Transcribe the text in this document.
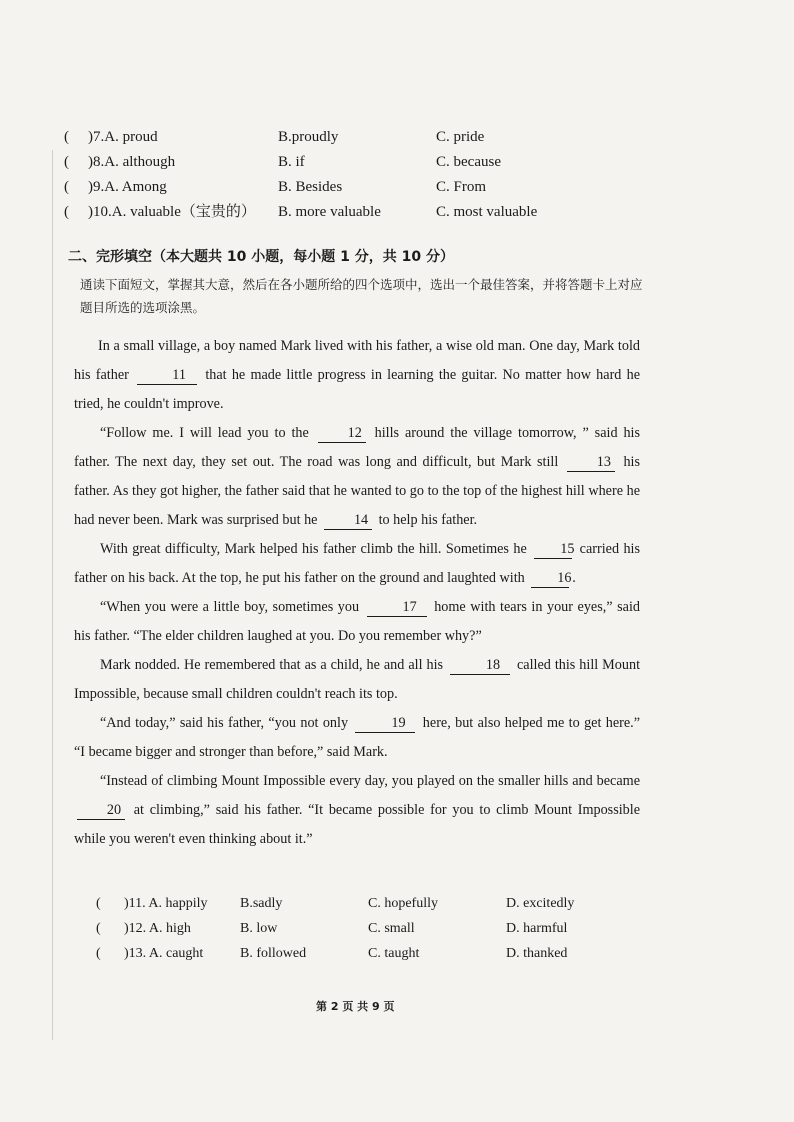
( )7.A. proud	B.proudly	C. pride
( )8.A. although	B. if	C. because
( )9.A. Among	B. Besides	C. From
( )10.A. valuable（宝贵的） B. more valuable	C. most valuable
二、完形填空（本大题共 10 小题，每小题 1 分，共 10 分）
通读下面短文，掌握其大意，然后在各小题所给的四个选项中，选出一个最佳答案，并将答题卡上对应题目所选的选项涂黑。

In a small village, a boy named Mark lived with his father, a wise old man. One day, Mark told his father	11 that he made little progress in learning the guitar. No matter how hard he tried, he couldn't improve.

“Follow me. I will lead you to the	12 hills around the village tomorrow, ” said his father. The next day, they set out. The road was long and difficult, but Mark still	13 his father. As they got higher, the father said that he wanted to go to the top of the highest hill where he had never been. Mark was surprised but he	14 to help his father.

With great difficulty, Mark helped his father climb the hill. Sometimes he 15 carried his father on his back. At the top, he put his father on the ground and laughted with 16.

“When you were a little boy, sometimes you	17 home with tears in your eyes,” said his father. “The elder children laughed at you. Do you remember why?”

Mark nodded. He remembered that as a child, he and all his	18 called this hill Mount Impossible, because small children couldn't reach its top.

“And today,” said his father, “you not only	19 here, but also helped me to get here.” “I became bigger and stronger than before,” said Mark.

“Instead of climbing Mount Impossible every day, you played on the smaller hills and became 20 at climbing,” said his father. “It became possible for you to climb Mount Impossible while you weren't even thinking about it.”

( )11. A. happily B.sadly	C. hopefully	D. excitedly
( )12. A. high	B. low	C. small	D. harmful
( )13. A. caught	B. followed	C. taught	D. thanked
第 2 页 共 9 页
